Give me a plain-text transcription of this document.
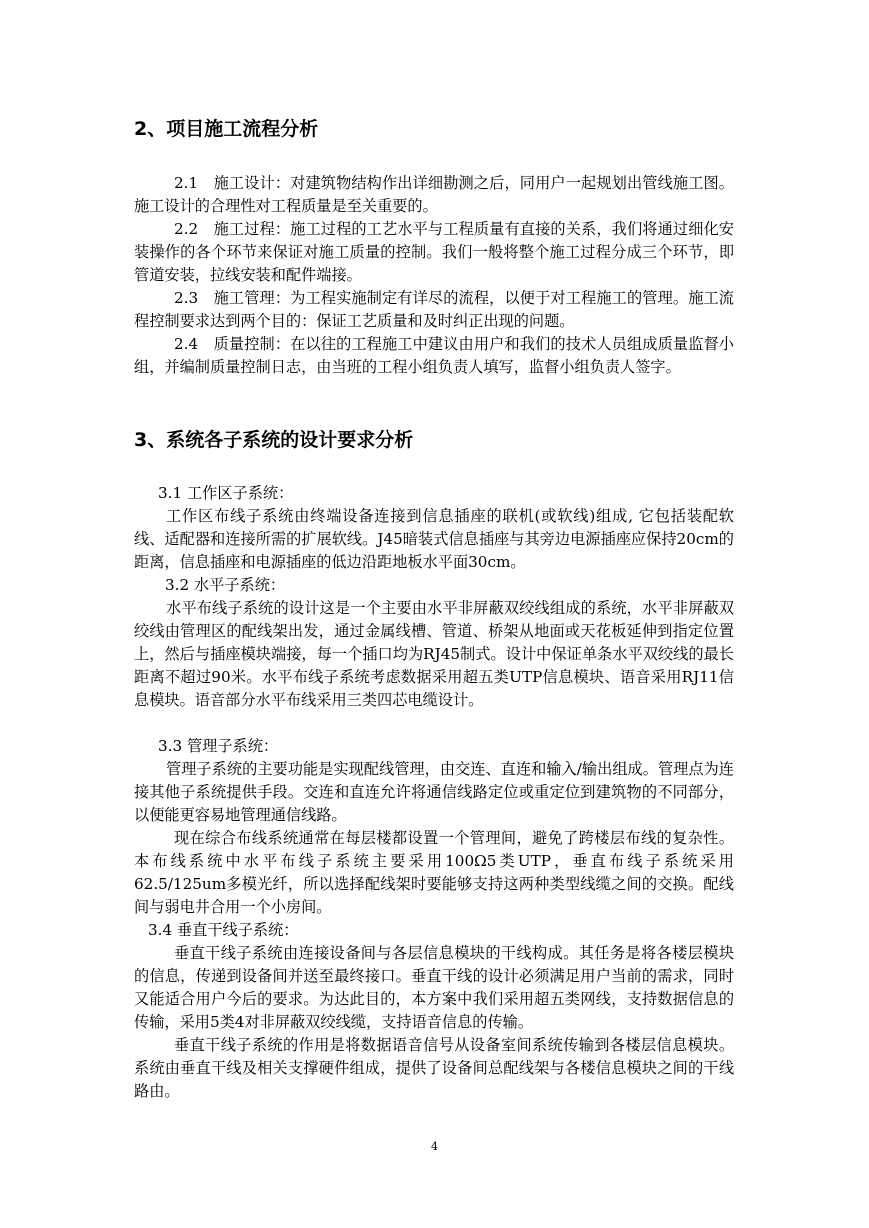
2、项目施工流程分析

2.1　施工设计：对建筑物结构作出详细勘测之后，同用户一起规划出管线施工图。施工设计的合理性对工程质量是至关重要的。

2.2　施工过程：施工过程的工艺水平与工程质量有直接的关系，我们将通过细化安装操作的各个环节来保证对施工质量的控制。我们一般将整个施工过程分成三个环节，即管道安装，拉线安装和配件端接。

2.3　施工管理：为工程实施制定有详尽的流程，以便于对工程施工的管理。施工流程控制要求达到两个目的：保证工艺质量和及时纠正出现的问题。

2.4　质量控制：在以往的工程施工中建议由用户和我们的技术人员组成质量监督小组，并编制质量控制日志，由当班的工程小组负责人填写，监督小组负责人签字。

3、系统各子系统的设计要求分析

3.1 工作区子系统：

工作区布线子系统由终端设备连接到信息插座的联机(或软线)组成, 它包括装配软线、适配器和连接所需的扩展软线。J45暗装式信息插座与其旁边电源插座应保持20cm的距离，信息插座和电源插座的低边沿距地板水平面30cm。

3.2 水平子系统：

水平布线子系统的设计这是一个主要由水平非屏蔽双绞线组成的系统，水平非屏蔽双绞线由管理区的配线架出发，通过金属线槽、管道、桥架从地面或天花板延伸到指定位置上，然后与插座模块端接，每一个插口均为RJ45制式。设计中保证单条水平双绞线的最长距离不超过90米。水平布线子系统考虑数据采用超五类UTP信息模块、语音采用RJ11信息模块。语音部分水平布线采用三类四芯电缆设计。

3.3 管理子系统：

管理子系统的主要功能是实现配线管理，由交连、直连和输入/输出组成。管理点为连接其他子系统提供手段。交连和直连允许将通信线路定位或重定位到建筑物的不同部分，以便能更容易地管理通信线路。

现在综合布线系统通常在每层楼都设置一个管理间，避免了跨楼层布线的复杂性。本布线系统中水平布线子系统主要采用100Ω5类UTP，垂直布线子系统采用62.5/125um多模光纤，所以选择配线架时要能够支持这两种类型线缆之间的交换。配线间与弱电井合用一个小房间。

3.4 垂直干线子系统：

垂直干线子系统由连接设备间与各层信息模块的干线构成。其任务是将各楼层模块的信息，传递到设备间并送至最终接口。垂直干线的设计必须满足用户当前的需求，同时又能适合用户今后的要求。为达此目的，本方案中我们采用超五类网线，支持数据信息的传输，采用5类4对非屏蔽双绞线缆，支持语音信息的传输。

垂直干线子系统的作用是将数据语音信号从设备室间系统传输到各楼层信息模块。系统由垂直干线及相关支撑硬件组成，提供了设备间总配线架与各楼信息模块之间的干线路由。

4
